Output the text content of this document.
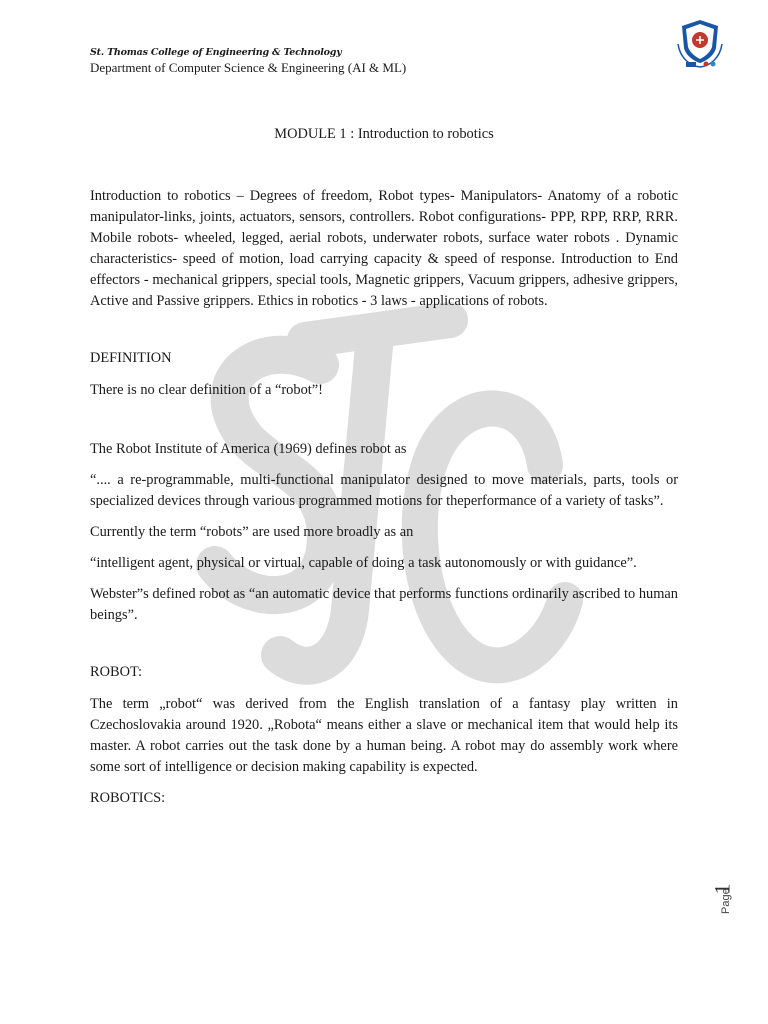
St. Thomas College of Engineering & Technology
Department of Computer Science & Engineering (AI & ML)

MODULE 1 : Introduction to robotics

Introduction to robotics – Degrees of freedom, Robot types- Manipulators- Anatomy of a robotic manipulator-links, joints, actuators, sensors, controllers. Robot configurations- PPP, RPP, RRP, RRR. Mobile robots- wheeled, legged, aerial robots, underwater robots, surface water robots . Dynamic characteristics- speed of motion, load carrying capacity & speed of response. Introduction to End effectors - mechanical grippers, special tools, Magnetic grippers, Vacuum grippers, adhesive grippers, Active and Passive grippers. Ethics in robotics - 3 laws - applications of robots.

DEFINITION

There is no clear definition of a “robot”!

The Robot Institute of America (1969) defines robot as

“.... a re-programmable, multi-functional manipulator designed to move materials, parts, tools or specialized devices through various programmed motions for theperformance of a variety of tasks”.

Currently the term “robots” are used more broadly as an

“intelligent agent, physical or virtual, capable of doing a task autonomously or with guidance”.

Webster”s defined robot as “an automatic device that performs functions ordinarily ascribed to human beings”.

ROBOT:

The term „robot“ was derived from the English translation of a fantasy play written in Czechoslovakia around 1920. „Robota“ means either a slave or mechanical item that would help its master. A robot carries out the task done by a human being. A robot may do assembly work where some sort of intelligence or decision making capability is expected.

ROBOTICS:

Page
1
